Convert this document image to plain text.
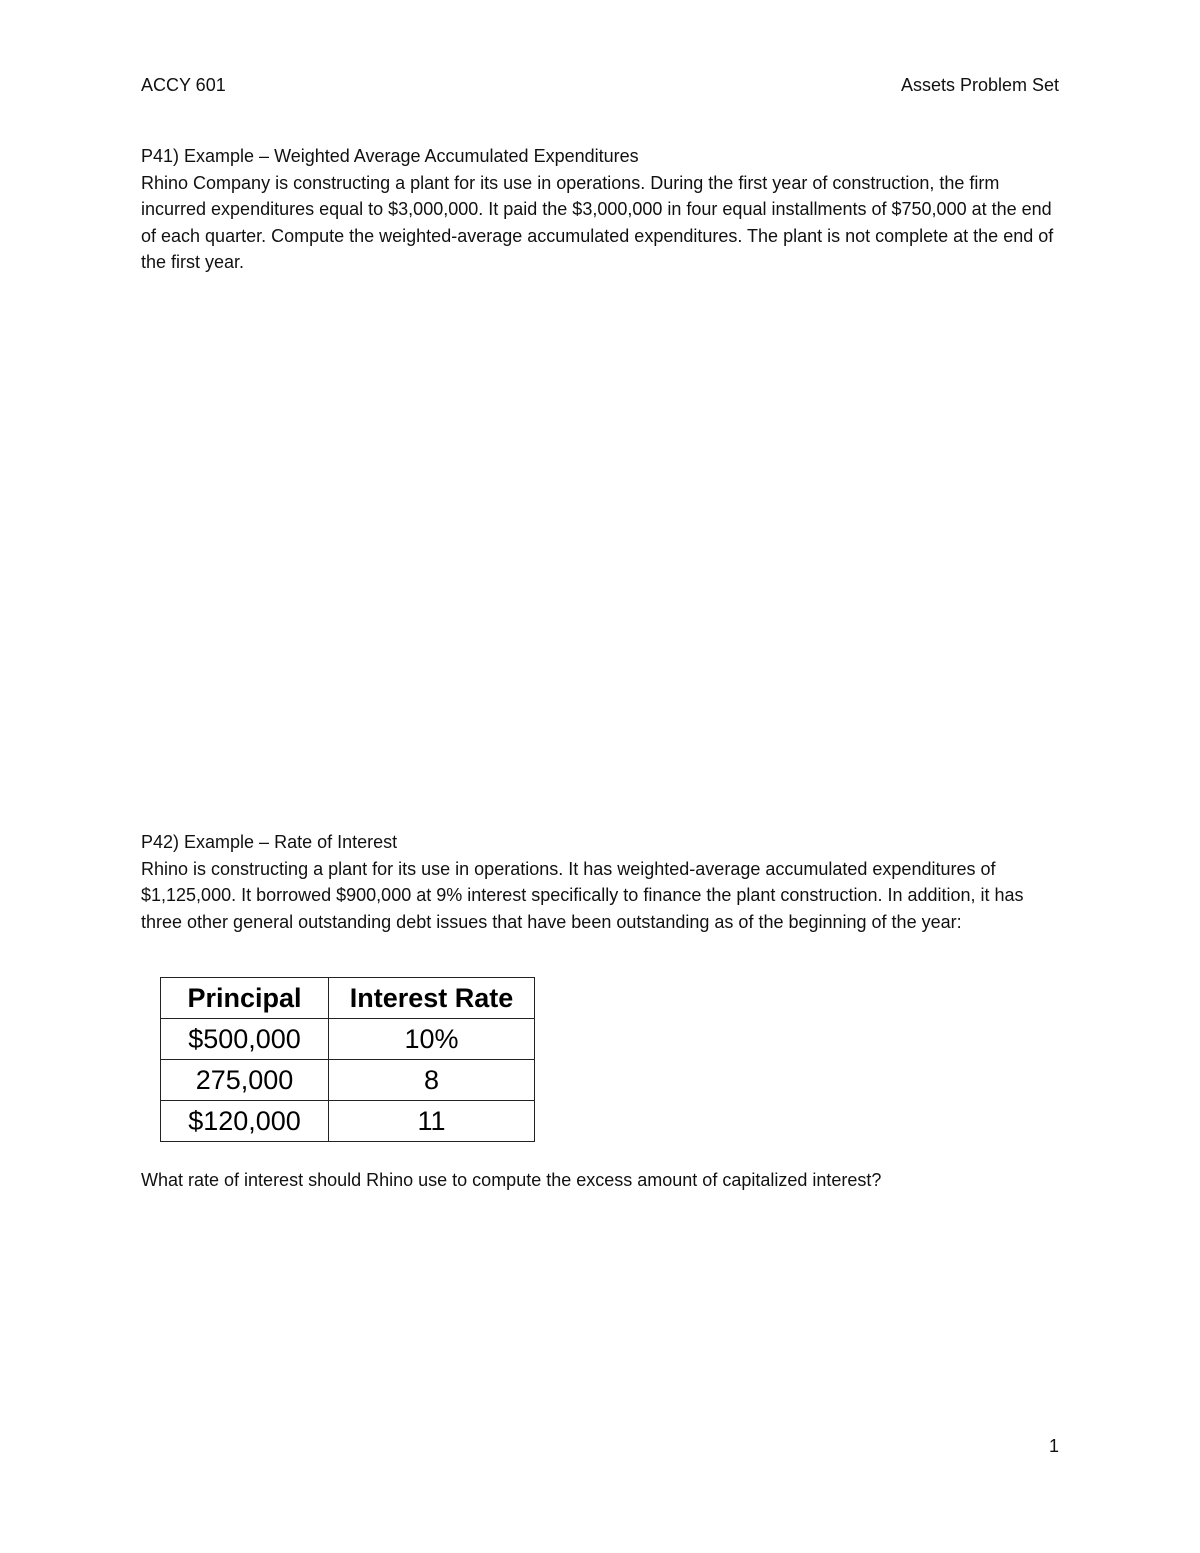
ACCY 601	Assets Problem Set
P41) Example – Weighted Average Accumulated Expenditures

Rhino Company is constructing a plant for its use in operations. During the first year of construction, the firm incurred expenditures equal to $3,000,000. It paid the $3,000,000 in four equal installments of $750,000 at the end of each quarter. Compute the weighted-average accumulated expenditures. The plant is not complete at the end of the first year.

P42) Example – Rate of Interest

Rhino is constructing a plant for its use in operations. It has weighted-average accumulated expenditures of $1,125,000. It borrowed $900,000 at 9% interest specifically to finance the plant construction. In addition, it has three other general outstanding debt issues that have been outstanding as of the beginning of the year:

Principal	Interest Rate
$500,000	10%
275,000	8
$120,000	11

What rate of interest should Rhino use to compute the excess amount of capitalized interest?

1
